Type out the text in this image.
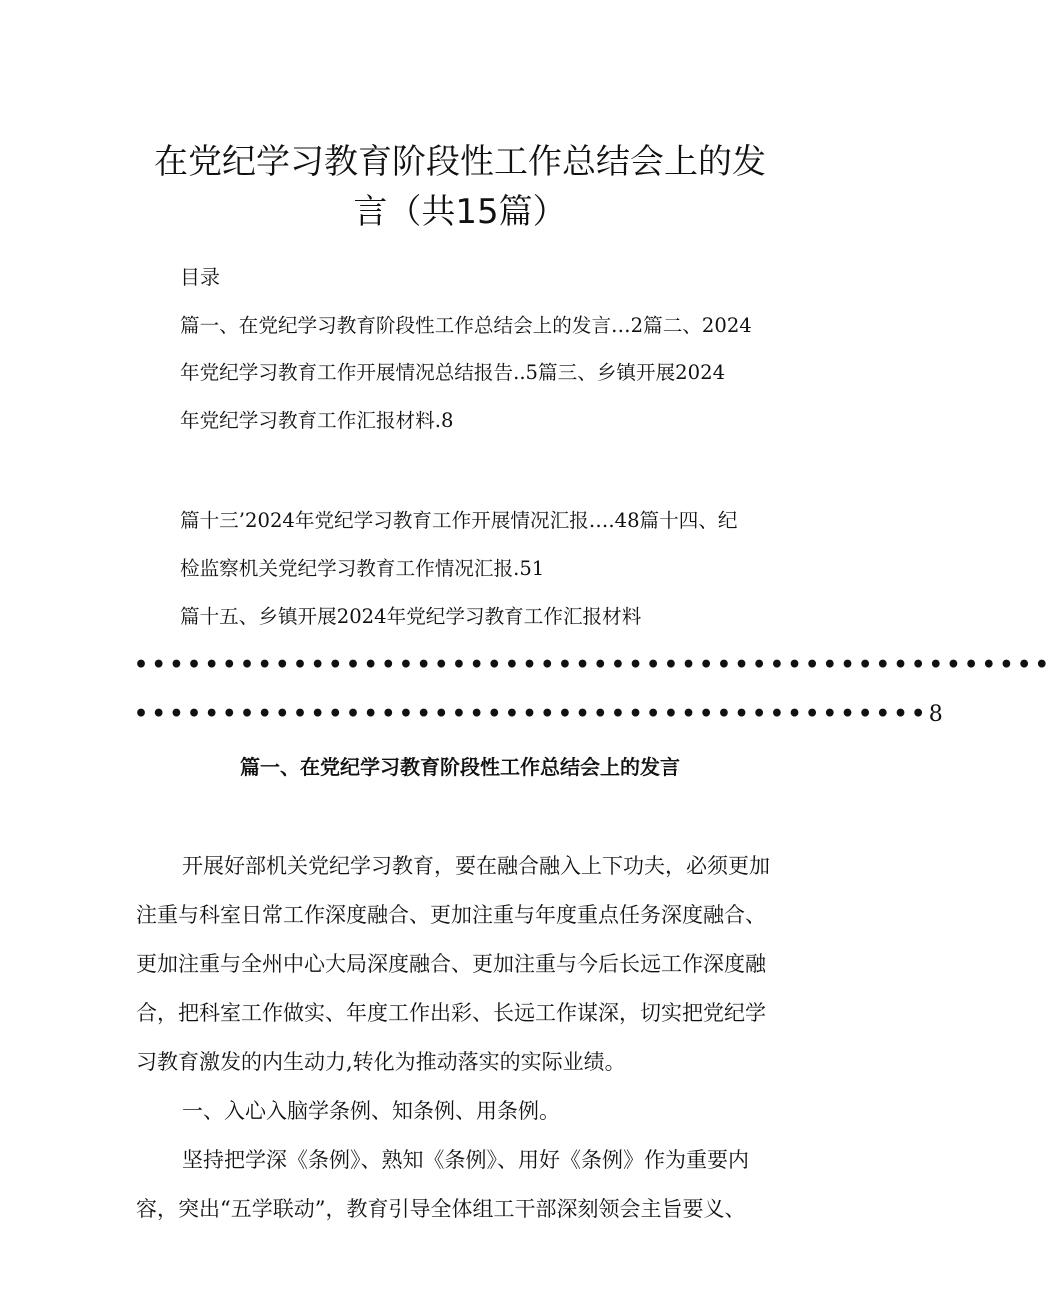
在党纪学习教育阶段性工作总结会上的发
言（共15篇）
目录
篇一、在党纪学习教育阶段性工作总结会上的发言…2篇二、2024
年党纪学习教育工作开展情况总结报告..5篇三、乡镇开展2024
年党纪学习教育工作汇报材料.8
篇十三’2024年党纪学习教育工作开展情况汇报….48篇十四、纪
检监察机关党纪学习教育工作情况汇报.51
篇十五、乡镇开展2024年党纪学习教育工作汇报材料
••••••••••••••••••••••••••••••••••••••••••••••••••••
•••••••••••••••••••••••••••••••••••••••••••••8
篇一、在党纪学习教育阶段性工作总结会上的发言
开展好部机关党纪学习教育，要在融合融入上下功夫，必须更加
注重与科室日常工作深度融合、更加注重与年度重点任务深度融合、
更加注重与全州中心大局深度融合、更加注重与今后长远工作深度融
合，把科室工作做实、年度工作出彩、长远工作谋深，切实把党纪学
习教育激发的内生动力,转化为推动落实的实际业绩。
一、入心入脑学条例、知条例、用条例。
坚持把学深《条例》、熟知《条例》、用好《条例》作为重要内
容，突出“五学联动”，教育引导全体组工干部深刻领会主旨要义、
